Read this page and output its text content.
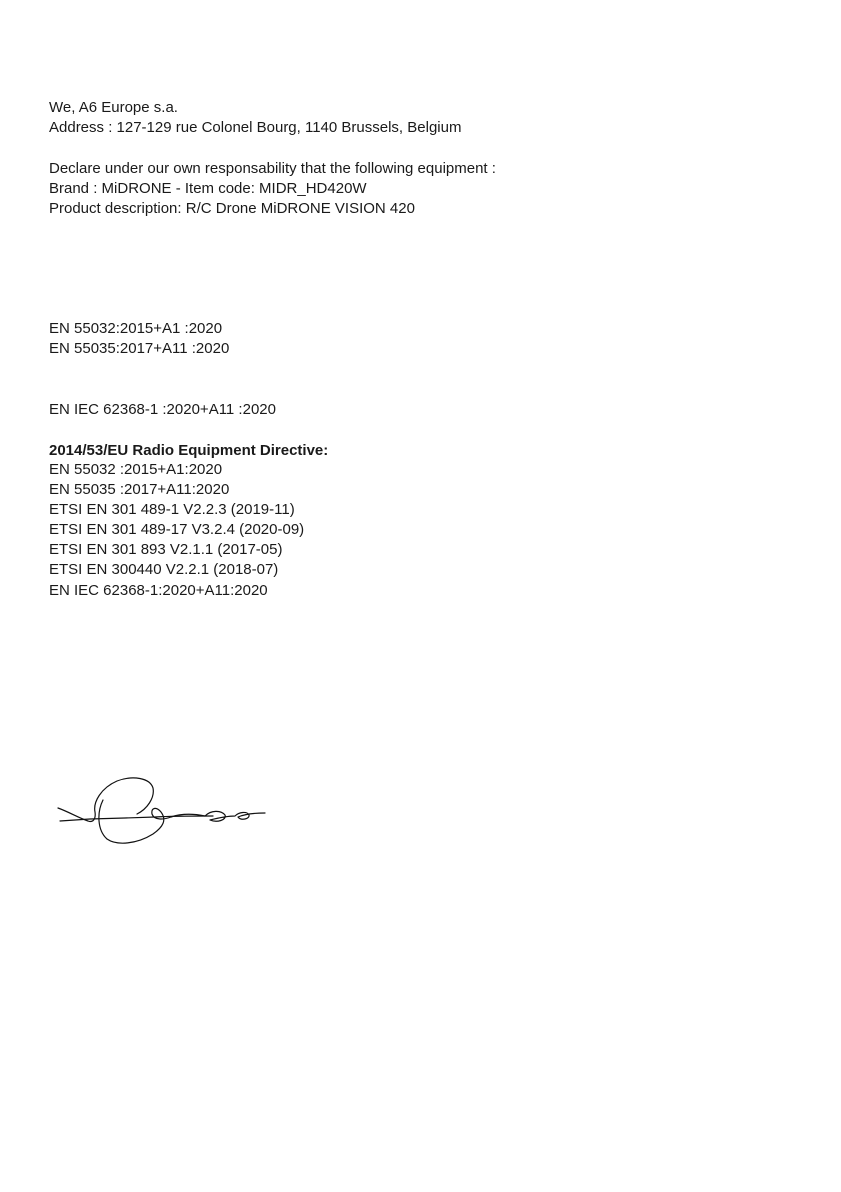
We, A6 Europe s.a.
Address : 127-129 rue Colonel Bourg, 1140 Brussels, Belgium
Declare under our own responsability that the following equipment :
Brand : MiDRONE - Item code: MIDR_HD420W
Product description: R/C Drone MiDRONE VISION 420
EN 55032:2015+A1 :2020
EN 55035:2017+A11 :2020
EN IEC 62368-1 :2020+A11 :2020
2014/53/EU Radio Equipment Directive:
EN 55032 :2015+A1:2020
EN 55035 :2017+A11:2020
ETSI EN 301 489-1 V2.2.3 (2019-11)
ETSI EN 301 489-17 V3.2.4 (2020-09)
ETSI EN 301 893 V2.1.1 (2017-05)
ETSI EN 300440 V2.2.1 (2018-07)
EN IEC 62368-1:2020+A11:2020
